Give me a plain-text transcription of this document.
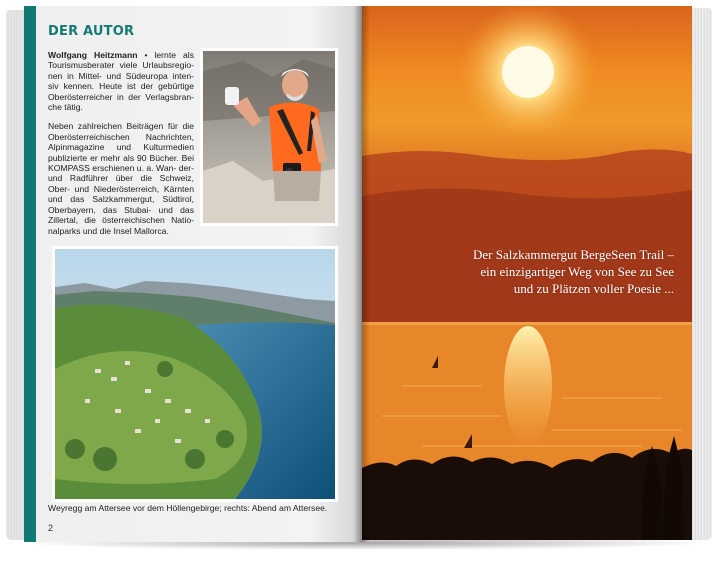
DER AUTOR

Wolfgang Heitzmann • lernte als Tourismusberater viele Urlaubsregio- nen in Mittel- und Südeuropa inten- siv kennen. Heute ist der gebürtige Oberösterreicher in der Verlagsbran- che tätig.

Neben zahlreichen Beiträgen für die Oberösterreichischen Nachrichten, Alpinmagazine und Kulturmedien publizierte er mehr als 90 Bücher. Bei KOMPASS erschienen u. a. Wan- der- und Radführer über die Schweiz, Ober- und Niederösterreich, Kärnten und das Salzkammergut, Südtirol, Oberbayern, das Stubai- und das Zillertal, die österreichischen Natio- nalparks und die Insel Mallorca.

Weyregg am Attersee vor dem Höllengebirge; rechts: Abend am Attersee.
2
Der Salzkammergut BergeSeen Trail –
ein einzigartiger Weg von See zu See
und zu Plätzen voller Poesie ...
